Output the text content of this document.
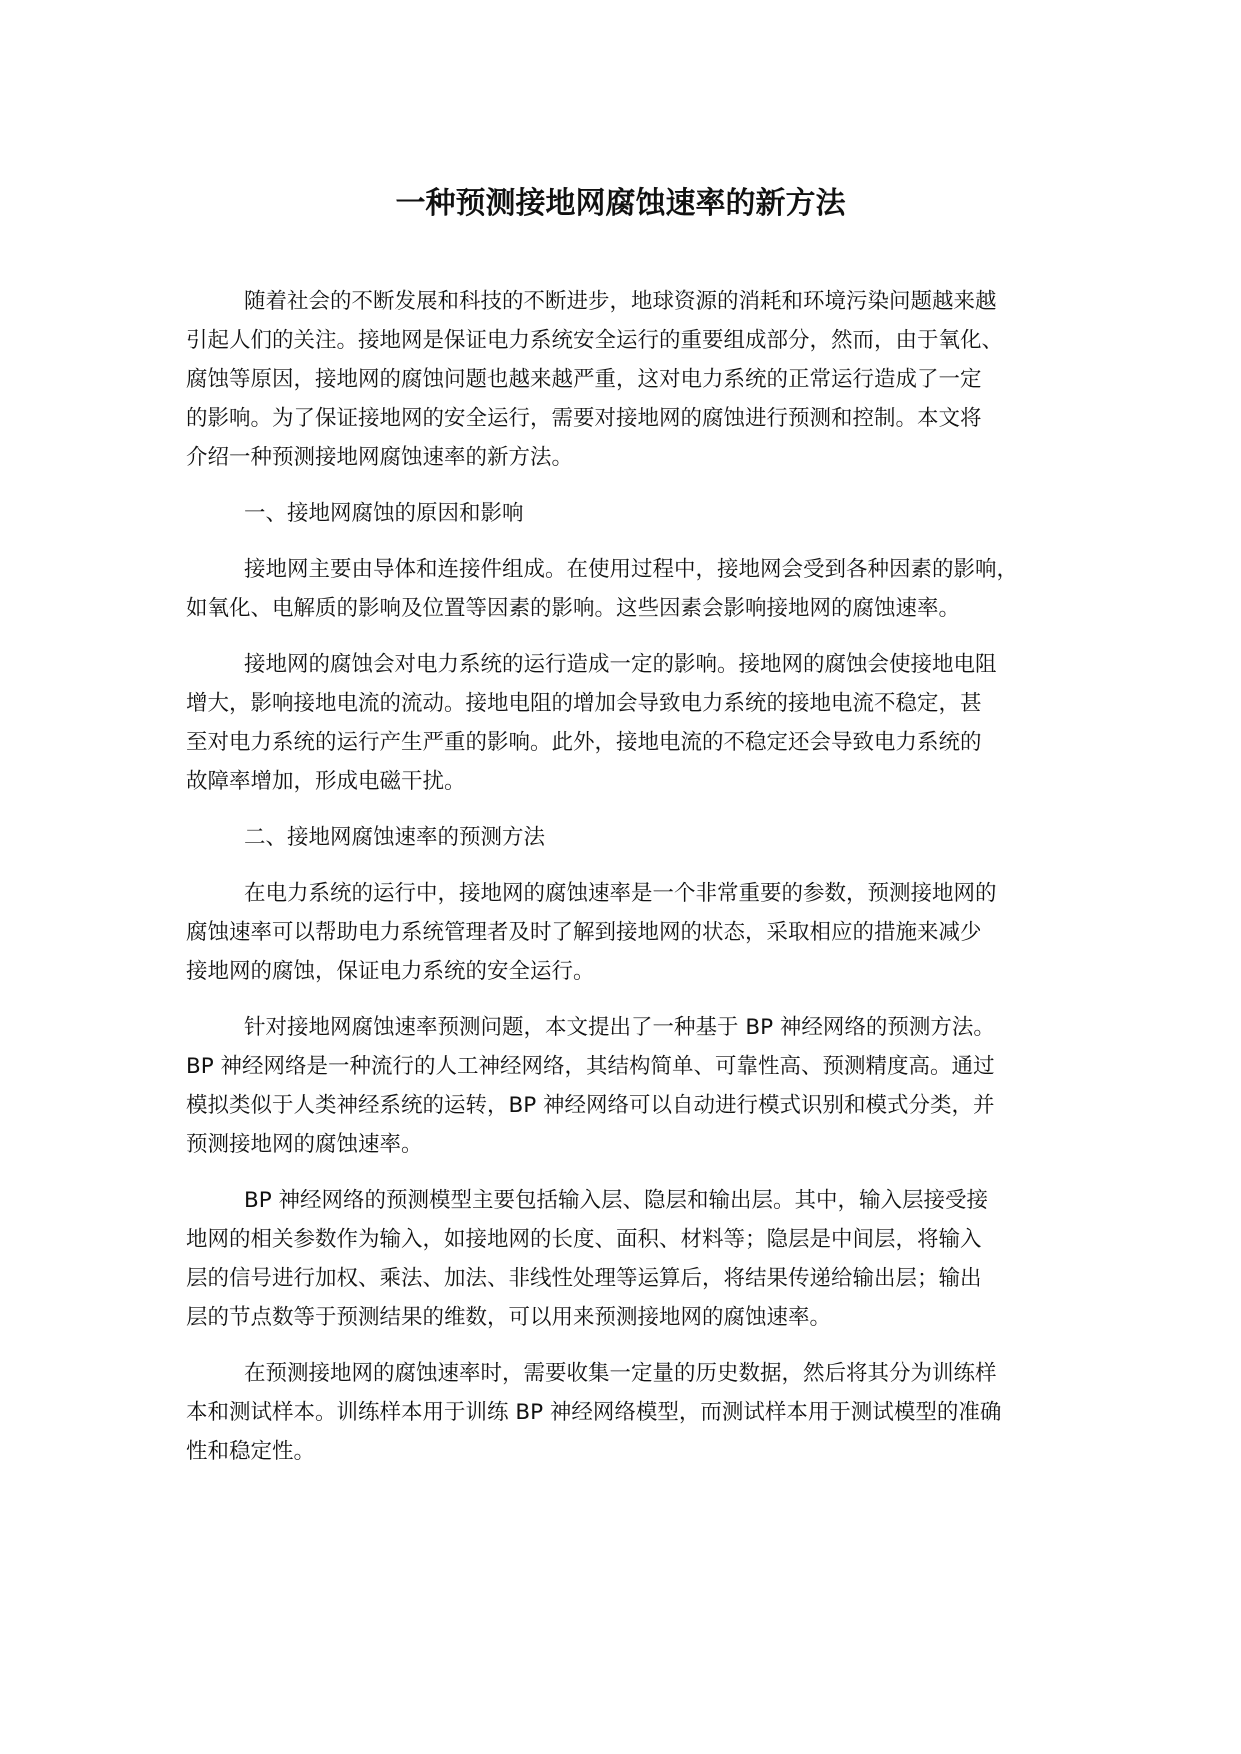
一种预测接地网腐蚀速率的新方法
随着社会的不断发展和科技的不断进步，地球资源的消耗和环境污染问题越来越
引起人们的关注。接地网是保证电力系统安全运行的重要组成部分，然而，由于氧化、
腐蚀等原因，接地网的腐蚀问题也越来越严重，这对电力系统的正常运行造成了一定
的影响。为了保证接地网的安全运行，需要对接地网的腐蚀进行预测和控制。本文将
介绍一种预测接地网腐蚀速率的新方法。
一、接地网腐蚀的原因和影响
接地网主要由导体和连接件组成。在使用过程中，接地网会受到各种因素的影响，
如氧化、电解质的影响及位置等因素的影响。这些因素会影响接地网的腐蚀速率。
接地网的腐蚀会对电力系统的运行造成一定的影响。接地网的腐蚀会使接地电阻
增大，影响接地电流的流动。接地电阻的增加会导致电力系统的接地电流不稳定，甚
至对电力系统的运行产生严重的影响。此外，接地电流的不稳定还会导致电力系统的
故障率增加，形成电磁干扰。
二、接地网腐蚀速率的预测方法
在电力系统的运行中，接地网的腐蚀速率是一个非常重要的参数，预测接地网的
腐蚀速率可以帮助电力系统管理者及时了解到接地网的状态，采取相应的措施来减少
接地网的腐蚀，保证电力系统的安全运行。
针对接地网腐蚀速率预测问题，本文提出了一种基于 BP 神经网络的预测方法。
BP 神经网络是一种流行的人工神经网络，其结构简单、可靠性高、预测精度高。通过
模拟类似于人类神经系统的运转，BP 神经网络可以自动进行模式识别和模式分类，并
预测接地网的腐蚀速率。
BP 神经网络的预测模型主要包括输入层、隐层和输出层。其中，输入层接受接
地网的相关参数作为输入，如接地网的长度、面积、材料等；隐层是中间层，将输入
层的信号进行加权、乘法、加法、非线性处理等运算后，将结果传递给输出层；输出
层的节点数等于预测结果的维数，可以用来预测接地网的腐蚀速率。
在预测接地网的腐蚀速率时，需要收集一定量的历史数据，然后将其分为训练样
本和测试样本。训练样本用于训练 BP 神经网络模型，而测试样本用于测试模型的准确
性和稳定性。
